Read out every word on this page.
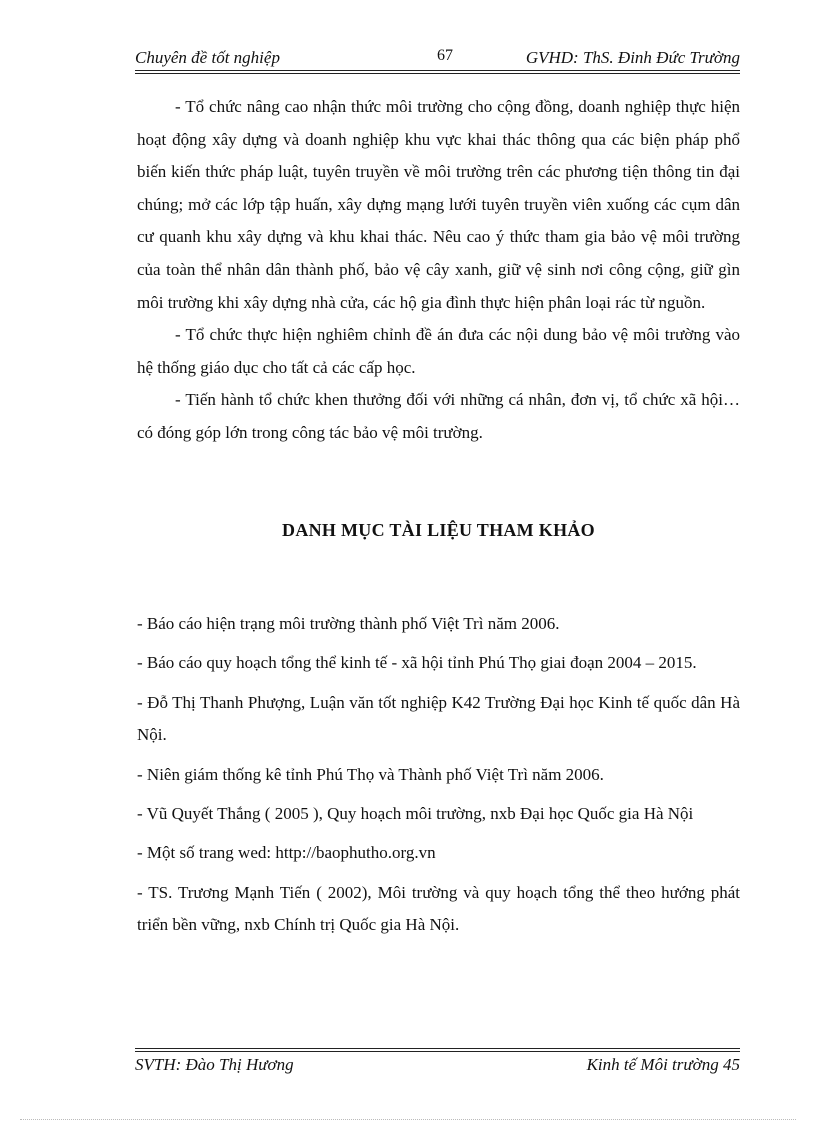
Chuyên đề tốt nghiệp	67	GVHD: ThS. Đinh Đức Trường

- Tổ chức nâng cao nhận thức môi trường cho cộng đồng, doanh nghiệp thực hiện hoạt động xây dựng và doanh nghiệp khu vực khai thác thông qua các biện pháp phổ biến kiến thức pháp luật, tuyên truyền về môi trường trên các phương tiện thông tin đại chúng; mở các lớp tập huấn, xây dựng mạng lưới tuyên truyền viên xuống các cụm dân cư quanh khu xây dựng và khu khai thác. Nêu cao ý thức tham gia bảo vệ môi trường của toàn thể nhân dân thành phố, bảo vệ cây xanh, giữ vệ sinh nơi công cộng, giữ gìn môi trường khi xây dựng nhà cửa, các hộ gia đình thực hiện phân loại rác từ nguồn.

- Tổ chức thực hiện nghiêm chỉnh đề án đưa các nội dung bảo vệ môi trường vào hệ thống giáo dục cho tất cả các cấp học.

- Tiến hành tổ chức khen thưởng đối với những cá nhân, đơn vị, tổ chức xã hội…có đóng góp lớn trong công tác bảo vệ môi trường.

DANH MỤC TÀI LIỆU THAM KHẢO

- Báo cáo hiện trạng môi trường thành phố Việt Trì năm 2006.

- Báo cáo quy hoạch tổng thể kinh tế - xã hội tỉnh Phú Thọ giai đoạn 2004 – 2015.

- Đỗ Thị Thanh Phượng, Luận văn tốt nghiệp K42 Trường Đại học Kinh tế quốc dân Hà Nội.

- Niên giám thống kê tỉnh Phú Thọ và Thành phố Việt Trì năm 2006.

- Vũ Quyết Thắng ( 2005 ), Quy hoạch môi trường, nxb Đại học Quốc gia Hà Nội

- Một số trang wed: http://baophutho.org.vn

- TS. Trương Mạnh Tiến ( 2002), Môi trường và quy hoạch tổng thể theo hướng phát triển bền vững, nxb Chính trị Quốc gia Hà Nội.

SVTH: Đào Thị Hương	Kinh tế Môi trường 45
